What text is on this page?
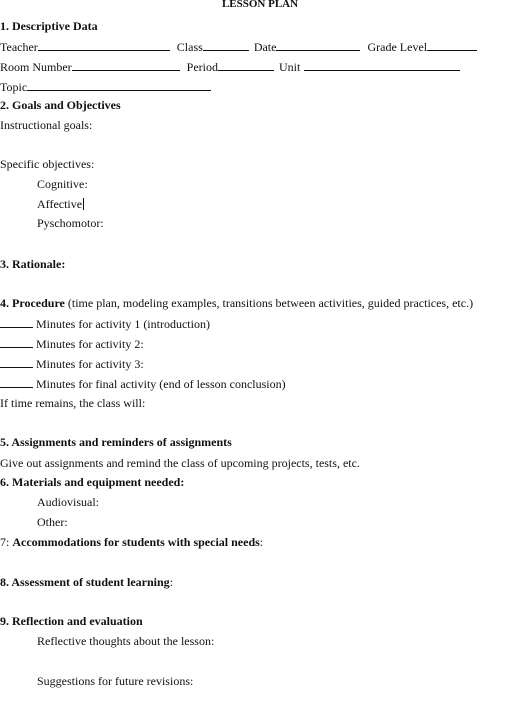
LESSON PLAN
1. Descriptive Data
Teacher	Class	Date	Grade Level
Room Number	Period	Unit
Topic
2. Goals and Objectives
Instructional goals:
Specific objectives:
Cognitive:
Affective
Pyschomotor:
3. Rationale:
4. Procedure (time plan, modeling examples, transitions between activities, guided practices, etc.)
Minutes for activity 1 (introduction)
Minutes for activity 2:
Minutes for activity 3:
Minutes for final activity (end of lesson conclusion)
If time remains, the class will:
5. Assignments and reminders of assignments
Give out assignments and remind the class of upcoming projects, tests, etc.
6. Materials and equipment needed:
Audiovisual:
Other:
7: Accommodations for students with special needs:
8. Assessment of student learning:
9. Reflection and evaluation
Reflective thoughts about the lesson:
Suggestions for future revisions:
